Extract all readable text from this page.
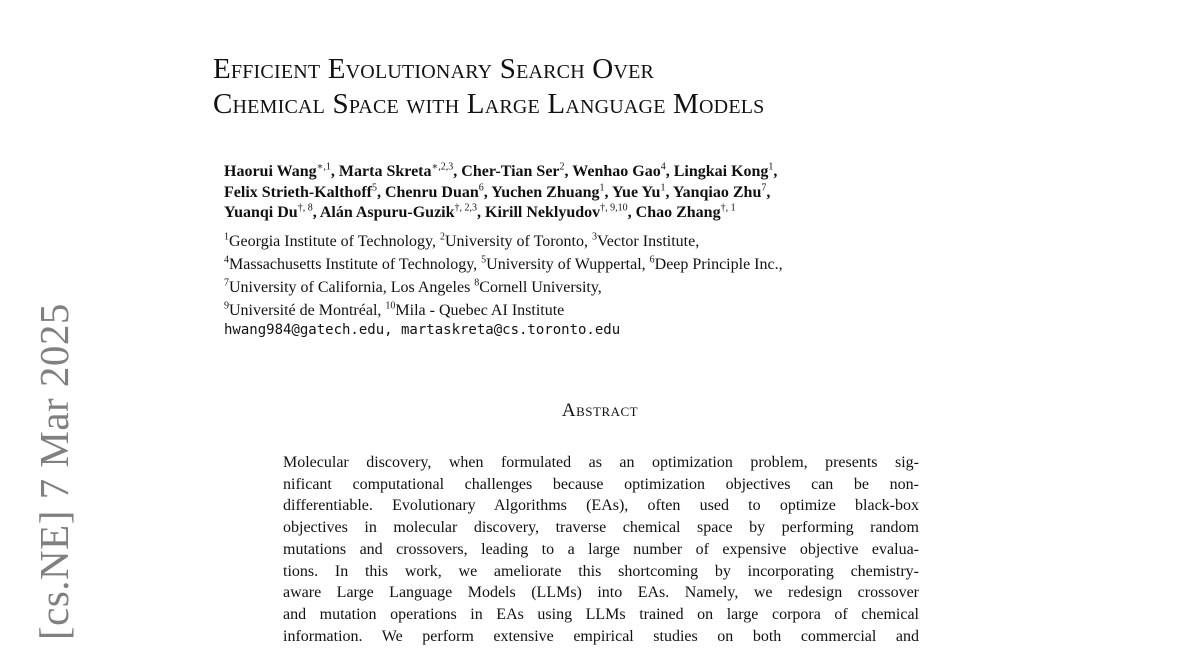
Efficient Evolutionary Search Over
Chemical Space with Large Language Models
Haorui Wang$^{∗,1}$, Marta Skreta$^{∗,2,3}$, Cher-Tian Ser$^2$, Wenhao Gao$^4$, Lingkai Kong$^1$,
Felix Strieth-Kalthoff$^5$, Chenru Duan$^6$, Yuchen Zhuang$^1$, Yue Yu$^1$, Yanqiao Zhu$^7$,
Yuanqi $Du^{\dagger, 8}$, Alán Aspuru-Guzik$^{\dagger, 2,3}$, Kirill Neklyudov$^{\dagger, 9,10}$, Chao Zhang$^{\dagger, 1}$
$^1$Georgia Institute of Technology, $^2$University of Toronto, $^3$Vector Institute,
$^4$Massachusetts Institute of Technology, $^5$University of Wuppertal, $^6$Deep Principle Inc.,
$^7$University of California, Los Angeles $^8$Cornell University,
$^9$Université de Montréal, $^{10}$Mila - Quebec AI Institute
hwang984@gatech.edu, martaskreta@cs.toronto.edu
Abstract
Molecular discovery, when formulated as an optimization problem, presents sig-
nificant computational challenges because optimization objectives can be non-
differentiable. Evolutionary Algorithms (EAs), often used to optimize black-box
objectives in molecular discovery, traverse chemical space by performing random
mutations and crossovers, leading to a large number of expensive objective evalua-
tions. In this work, we ameliorate this shortcoming by incorporating chemistry-
aware Large Language Models (LLMs) into EAs. Namely, we redesign crossover
and mutation operations in EAs using LLMs trained on large corpora of chemical
information. We perform extensive empirical studies on both commercial and
[cs.NE] 7 Mar 2025
